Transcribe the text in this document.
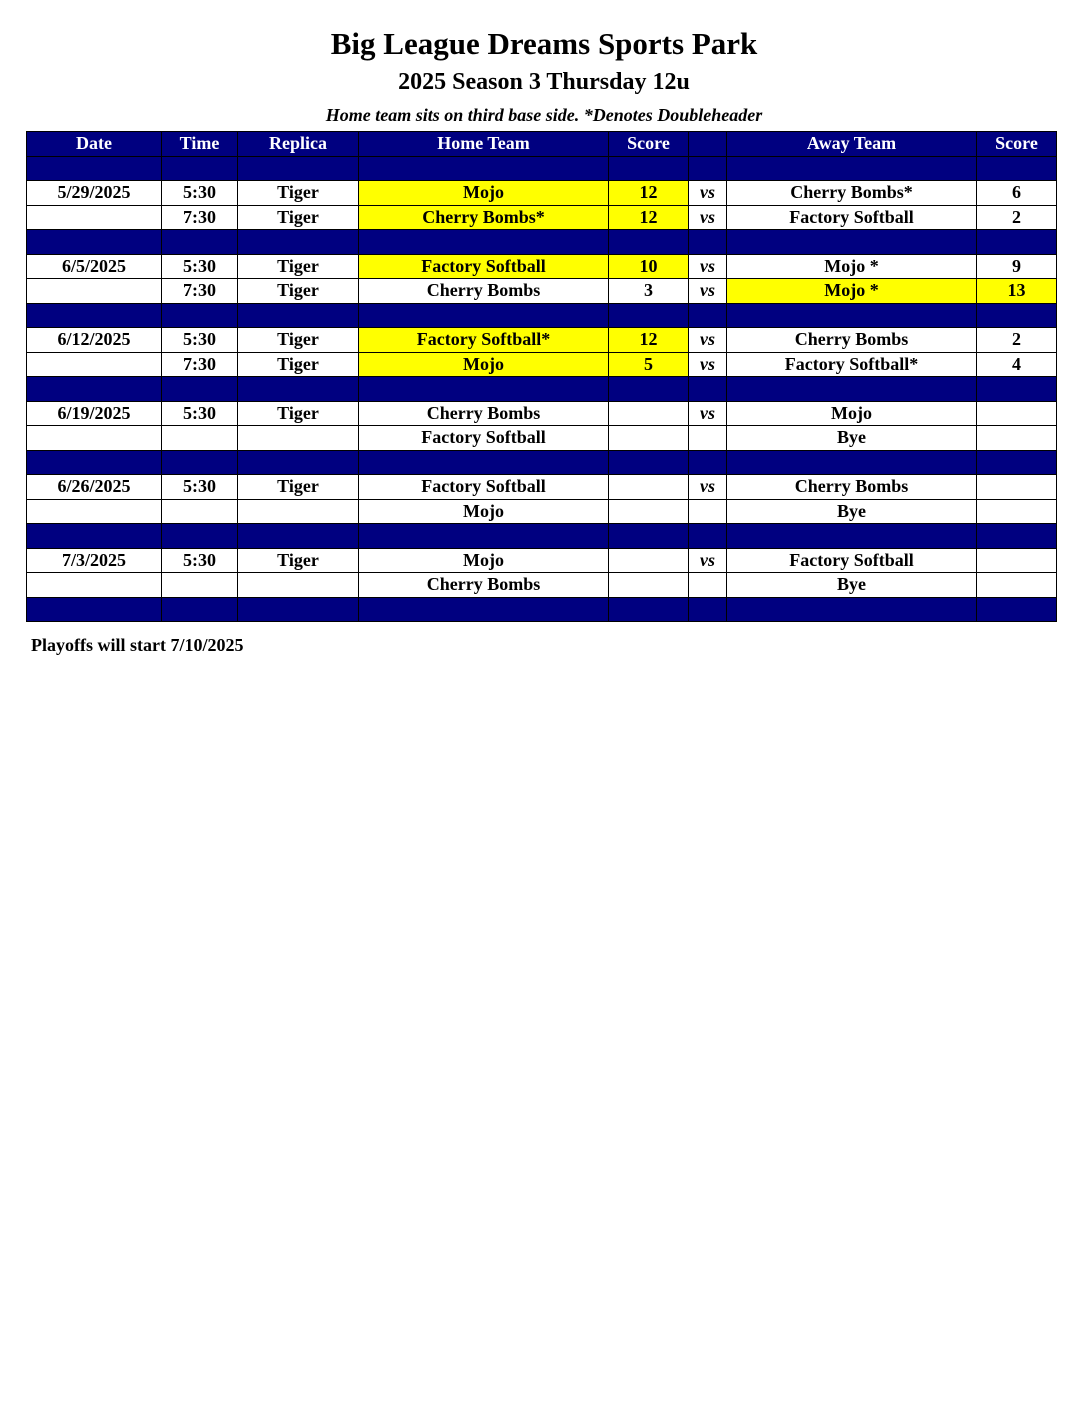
Big League Dreams Sports Park
2025 Season 3 Thursday 12u
Home team sits on third base side. *Denotes Doubleheader
Date	Time	Replica	Home Team	Score		Away Team	Score

5/29/2025	5:30	Tiger	Mojo	12	vs	Cherry Bombs*	6
	7:30	Tiger	Cherry Bombs*	12	vs	Factory Softball	2

6/5/2025	5:30	Tiger	Factory Softball	10	vs	Mojo *	9
	7:30	Tiger	Cherry Bombs	3	vs	Mojo *	13

6/12/2025	5:30	Tiger	Factory Softball*	12	vs	Cherry Bombs	2
	7:30	Tiger	Mojo	5	vs	Factory Softball*	4

6/19/2025	5:30	Tiger	Cherry Bombs		vs	Mojo	
			Factory Softball			Bye	

6/26/2025	5:30	Tiger	Factory Softball		vs	Cherry Bombs	
			Mojo			Bye	

7/3/2025	5:30	Tiger	Mojo		vs	Factory Softball	
			Cherry Bombs			Bye	

Playoffs will start 7/10/2025
